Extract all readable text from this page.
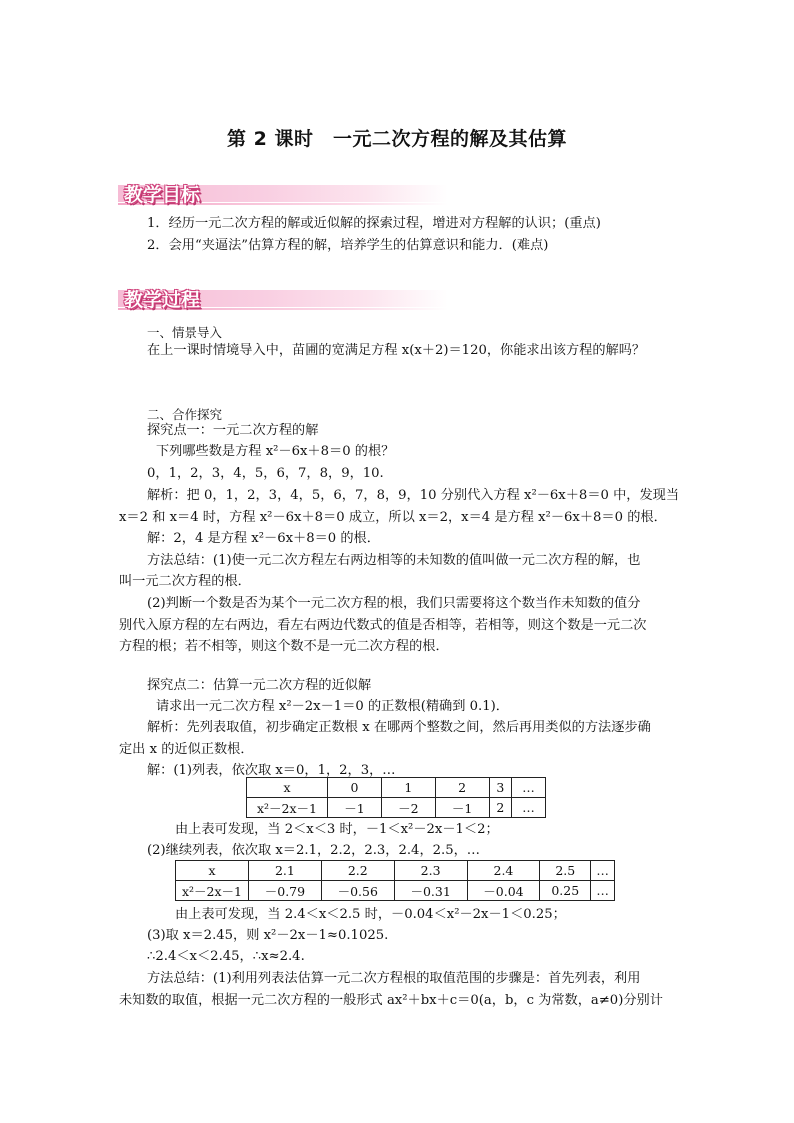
第 2 课时　一元二次方程的解及其估算
教学目标
1．经历一元二次方程的解或近似解的探索过程，增进对方程解的认识；(重点)
2．会用“夹逼法”估算方程的解，培养学生的估算意识和能力．(难点)
教学过程
一、情景导入
在上一课时情境导入中，苗圃的宽满足方程 x(x＋2)＝120，你能求出该方程的解吗？
二、合作探究
探究点一：一元二次方程的解
下列哪些数是方程 x²－6x＋8＝0 的根？
0，1，2，3，4，5，6，7，8，9，10.
解析：把 0，1，2，3，4，5，6，7，8，9，10 分别代入方程 x²－6x＋8＝0 中，发现当
x＝2 和 x＝4 时，方程 x²－6x＋8＝0 成立，所以 x＝2，x＝4 是方程 x²－6x＋8＝0 的根．
解：2，4 是方程 x²－6x＋8＝0 的根．
方法总结：(1)使一元二次方程左右两边相等的未知数的值叫做一元二次方程的解，也
叫一元二次方程的根．
(2)判断一个数是否为某个一元二次方程的根，我们只需要将这个数当作未知数的值分
别代入原方程的左右两边，看左右两边代数式的值是否相等，若相等，则这个数是一元二次
方程的根；若不相等，则这个数不是一元二次方程的根．
探究点二：估算一元二次方程的近似解
请求出一元二次方程 x²－2x－1＝0 的正数根(精确到 0.1)．
解析：先列表取值，初步确定正数根 x 在哪两个整数之间，然后再用类似的方法逐步确
定出 x 的近似正数根．
解：(1)列表，依次取 x＝0，1，2，3，…
x	0	1	2	3	…
x²－2x－1	－1	－2	－1	2	…
由上表可发现，当 2＜x＜3 时，－1＜x²－2x－1＜2；
(2)继续列表，依次取 x＝2.1，2.2，2.3，2.4，2.5，…
x	2.1	2.2	2.3	2.4	2.5	…
x²－2x－1	－0.79	－0.56	－0.31	－0.04	0.25	…
由上表可发现，当 2.4＜x＜2.5 时，－0.04＜x²－2x－1＜0.25；
(3)取 x＝2.45，则 x²－2x－1≈0.1025.
∴2.4＜x＜2.45，∴x≈2.4.
方法总结：(1)利用列表法估算一元二次方程根的取值范围的步骤是：首先列表，利用
未知数的取值，根据一元二次方程的一般形式 ax²＋bx＋c＝0(a，b，c 为常数，a≠0)分别计
